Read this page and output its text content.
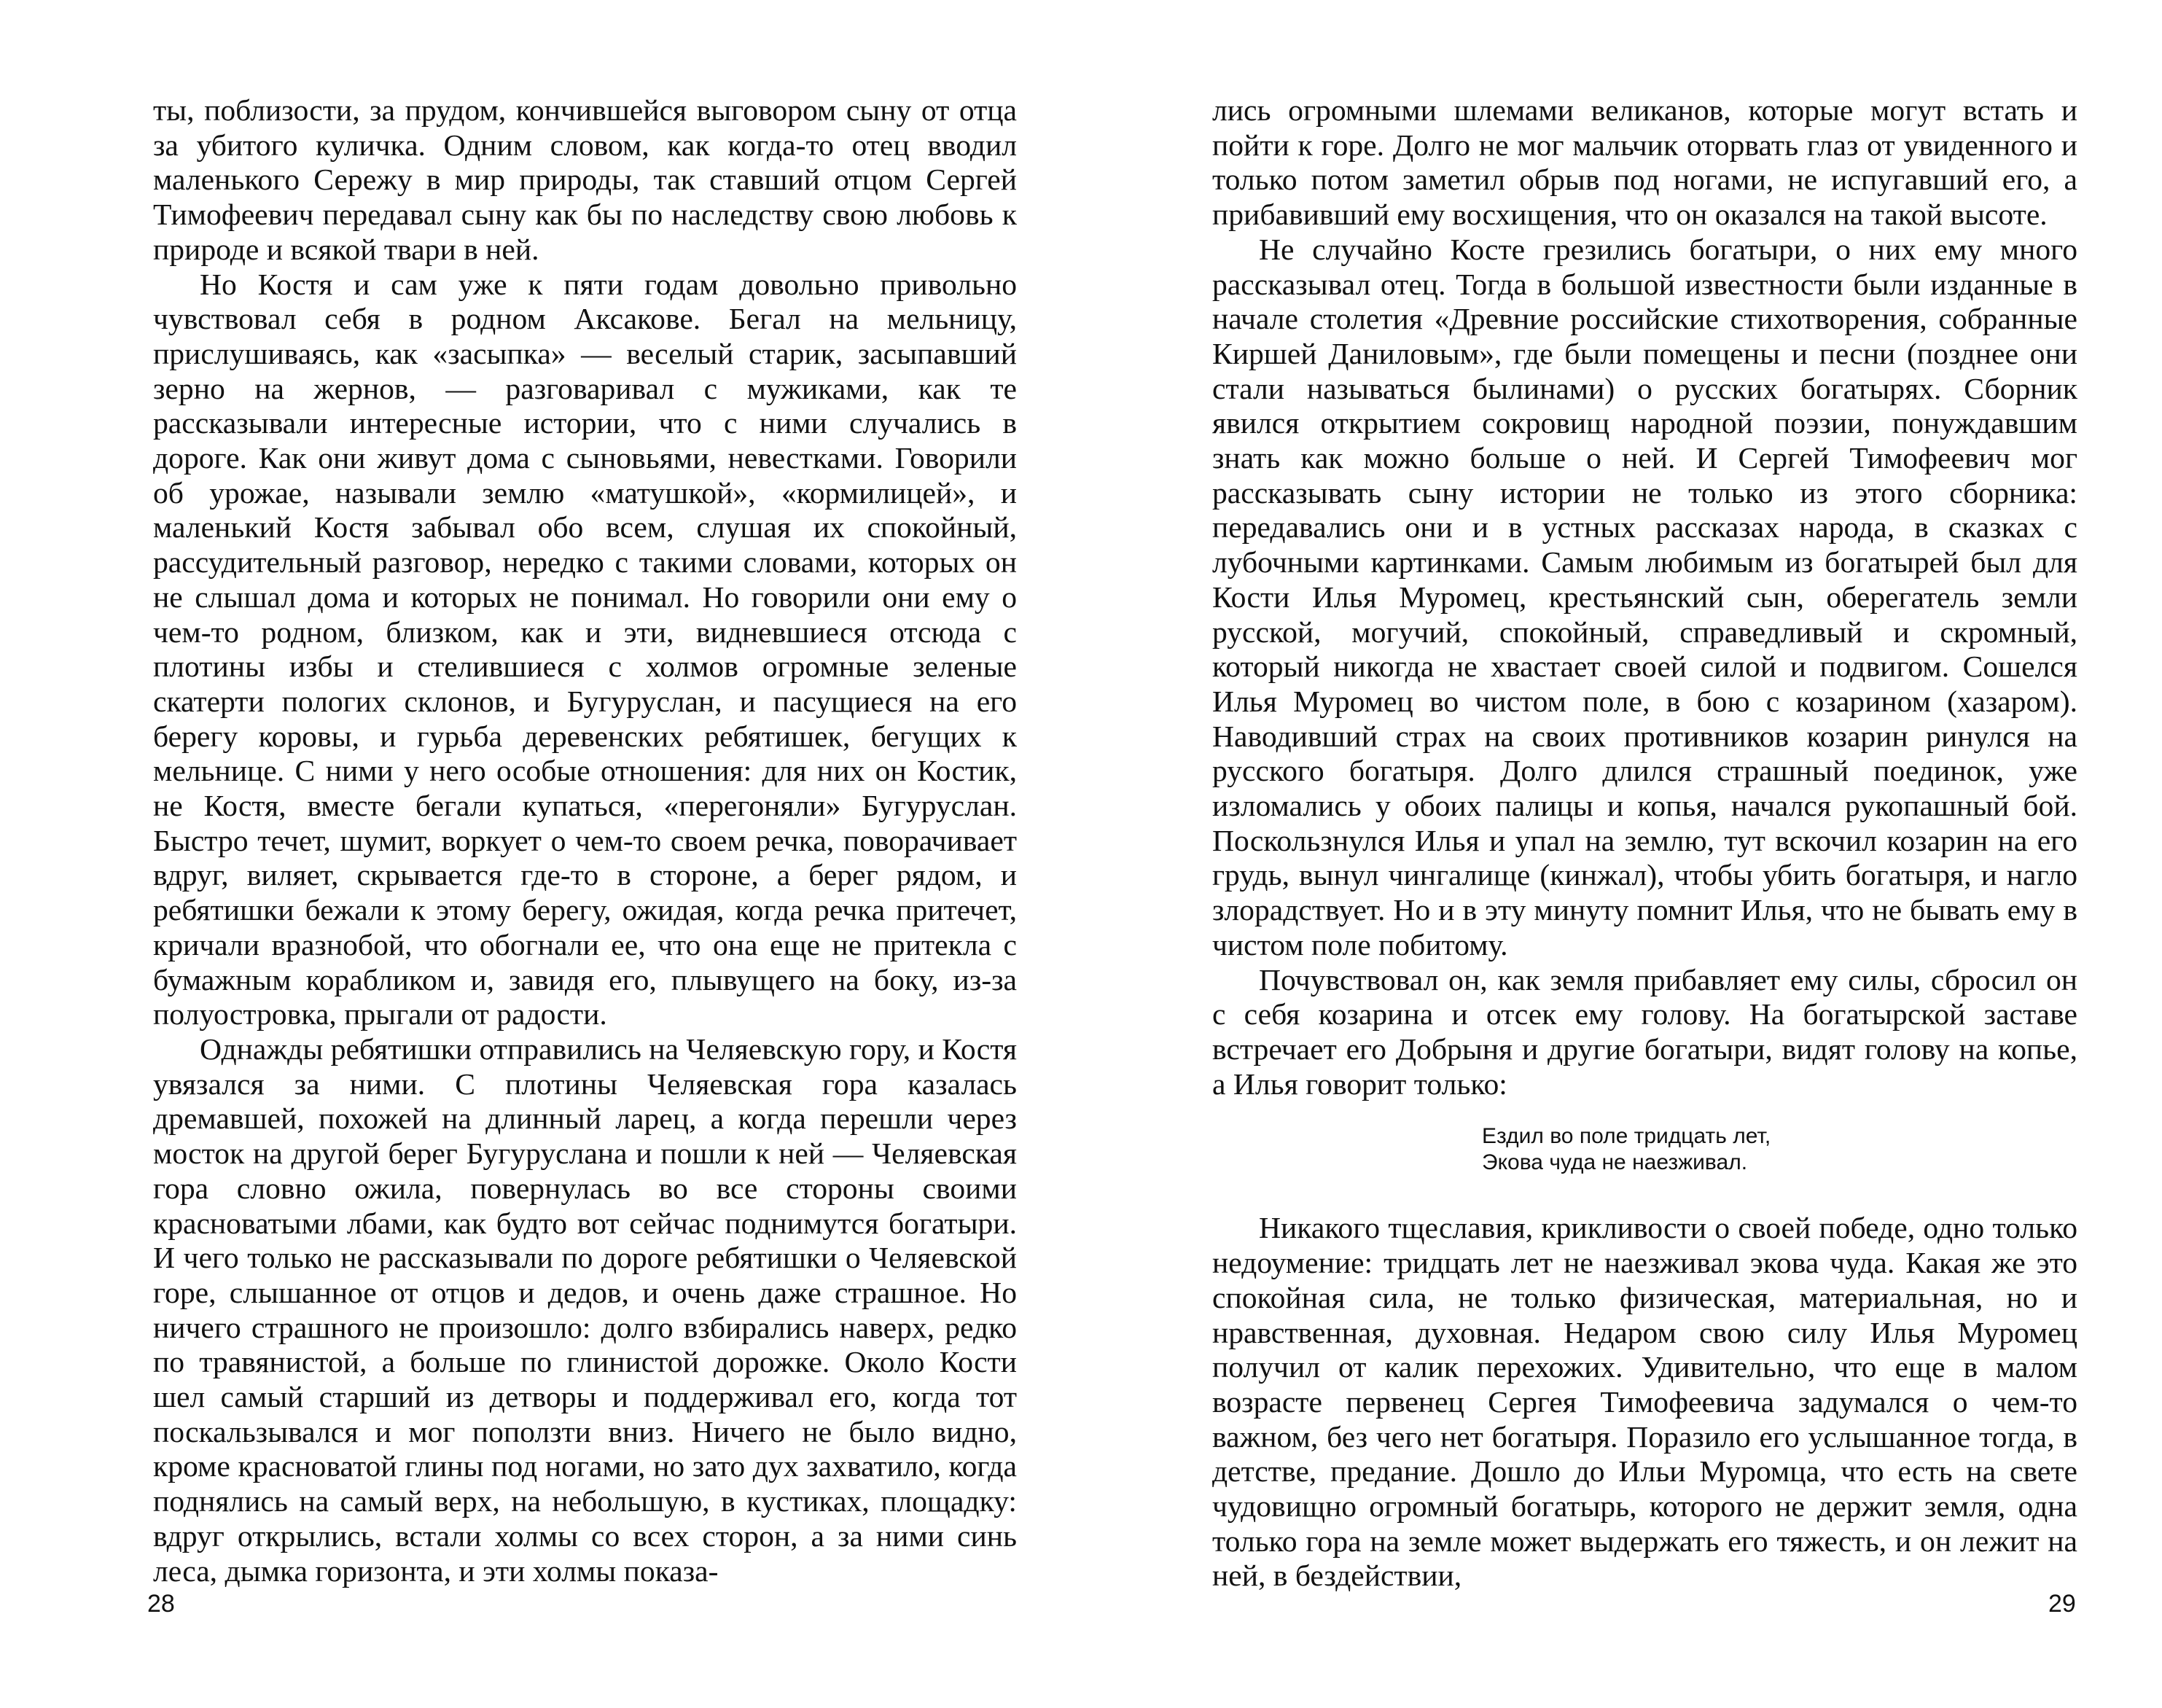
ты, поблизости, за прудом, кончившейся выговором сыну от отца за убитого куличка. Одним словом, как когда-то отец вводил маленького Сережу в мир природы, так ставший отцом Сергей Тимофеевич передавал сыну как бы по наследству свою любовь к природе и всякой твари в ней.

Но Костя и сам уже к пяти годам довольно привольно чувствовал себя в родном Аксакове. Бегал на мельницу, прислушиваясь, как «засыпка» — веселый старик, засыпавший зерно на жернов, — разговаривал с мужиками, как те рассказывали интересные истории, что с ними случались в дороге. Как они живут дома с сыновьями, невестками. Говорили об урожае, называли землю «матушкой», «кормилицей», и маленький Костя забывал обо всем, слушая их спокойный, рассудительный разговор, нередко с такими словами, которых он не слышал дома и которых не понимал. Но говорили они ему о чем-то родном, близком, как и эти, видневшиеся отсюда с плотины избы и стелившиеся с холмов огромные зеленые скатерти пологих склонов, и Бугуруслан, и пасущиеся на его берегу коровы, и гурьба деревенских ребятишек, бегущих к мельнице. С ними у него особые отношения: для них он Костик, не Костя, вместе бегали купаться, «перегоняли» Бугуруслан. Быстро течет, шумит, воркует о чем-то своем речка, поворачивает вдруг, виляет, скрывается где-то в стороне, а берег рядом, и ребятишки бежали к этому берегу, ожидая, когда речка притечет, кричали вразнобой, что обогнали ее, что она еще не притекла с бумажным корабликом и, завидя его, плывущего на боку, из-за полуостровка, прыгали от радости.

Однажды ребятишки отправились на Челяевскую гору, и Костя увязался за ними. С плотины Челяевская гора казалась дремавшей, похожей на длинный ларец, а когда перешли через мосток на другой берег Бугуруслана и пошли к ней — Челяевская гора словно ожила, повернулась во все стороны своими красноватыми лбами, как будто вот сейчас поднимутся богатыри. И чего только не рассказывали по дороге ребятишки о Челяевской горе, слышанное от отцов и дедов, и очень даже страшное. Но ничего страшного не произошло: долго взбирались наверх, редко по травянистой, а больше по глинистой дорожке. Около Кости шел самый старший из детворы и поддерживал его, когда тот поскальзывался и мог поползти вниз. Ничего не было видно, кроме красноватой глины под ногами, но зато дух захватило, когда поднялись на самый верх, на небольшую, в кустиках, площадку: вдруг открылись, встали холмы со всех сторон, а за ними синь леса, дымка горизонта, и эти холмы показа-

28

лись огромными шлемами великанов, которые могут встать и пойти к горе. Долго не мог мальчик оторвать глаз от увиденного и только потом заметил обрыв под ногами, не испугавший его, а прибавивший ему восхищения, что он оказался на такой высоте.

Не случайно Косте грезились богатыри, о них ему много рассказывал отец. Тогда в большой известности были изданные в начале столетия «Древние российские стихотворения, собранные Киршей Даниловым», где были помещены и песни (позднее они стали называться былинами) о русских богатырях. Сборник явился открытием сокровищ народной поэзии, понуждавшим знать как можно больше о ней. И Сергей Тимофеевич мог рассказывать сыну истории не только из этого сборника: передавались они и в устных рассказах народа, в сказках с лубочными картинками. Самым любимым из богатырей был для Кости Илья Муромец, крестьянский сын, оберегатель земли русской, могучий, спокойный, справедливый и скромный, который никогда не хвастает своей силой и подвигом. Сошелся Илья Муромец во чистом поле, в бою с козарином (хазаром). Наводивший страх на своих противников козарин ринулся на русского богатыря. Долго длился страшный поединок, уже изломались у обоих палицы и копья, начался рукопашный бой. Поскользнулся Илья и упал на землю, тут вскочил козарин на его грудь, вынул чингалище (кинжал), чтобы убить богатыря, и нагло злорадствует. Но и в эту минуту помнит Илья, что не бывать ему в чистом поле побитому.

Почувствовал он, как земля прибавляет ему силы, сбросил он с себя козарина и отсек ему голову. На богатырской заставе встречает его Добрыня и другие богатыри, видят голову на копье, а Илья говорит только:

Ездил во поле тридцать лет,
Экова чуда не наезживал.

Никакого тщеславия, крикливости о своей победе, одно только недоумение: тридцать лет не наезживал экова чуда. Какая же это спокойная сила, не только физическая, материальная, но и нравственная, духовная. Недаром свою силу Илья Муромец получил от калик перехожих. Удивительно, что еще в малом возрасте первенец Сергея Тимофеевича задумался о чем-то важном, без чего нет богатыря. Поразило его услышанное тогда, в детстве, предание. Дошло до Ильи Муромца, что есть на свете чудовищно огромный богатырь, которого не держит земля, одна только гора на земле может выдержать его тяжесть, и он лежит на ней, в бездействии,

29
